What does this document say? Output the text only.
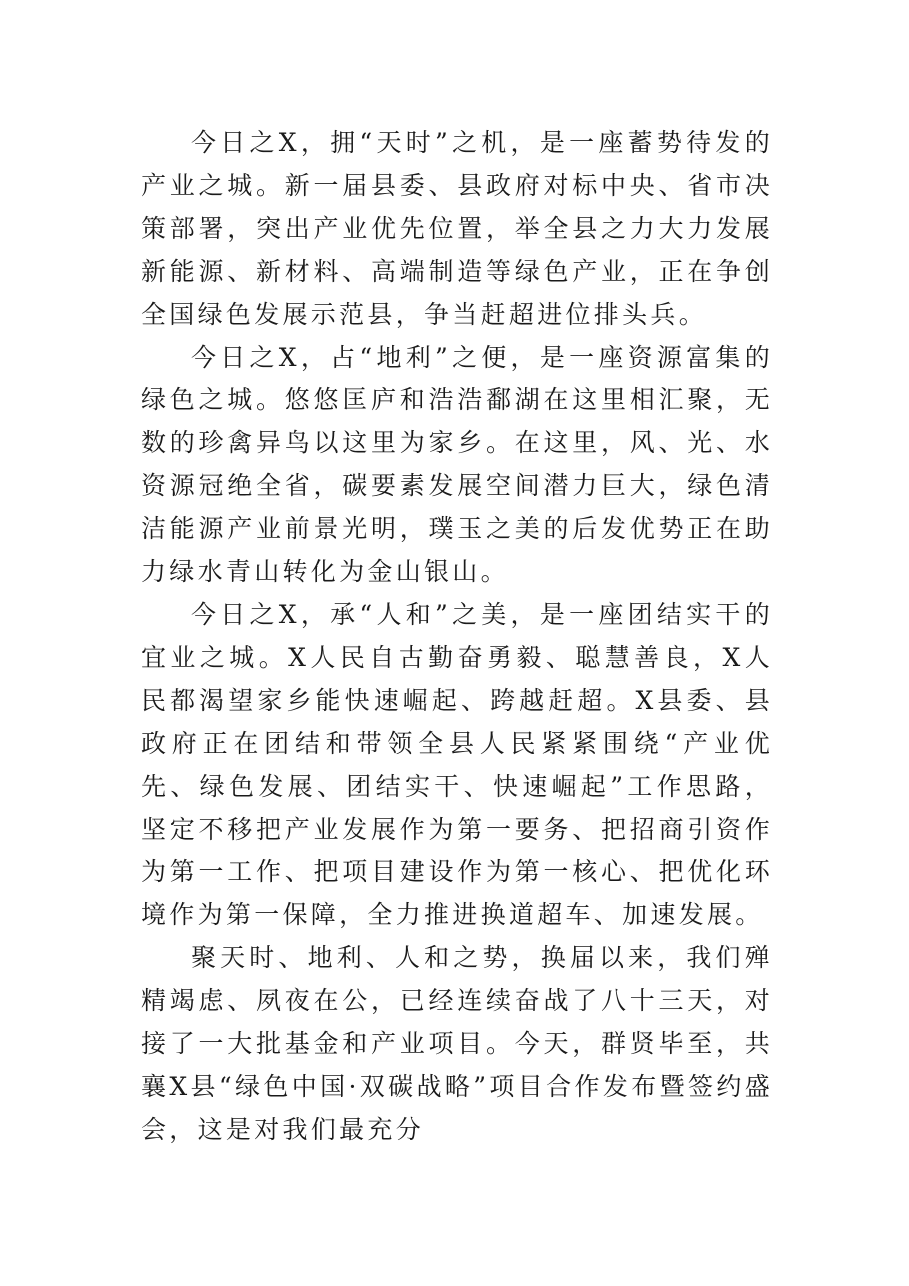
今日之X，拥“天时”之机，是一座蓄势待发的产业之城。新一届县委、县政府对标中央、省市决策部署，突出产业优先位置，举全县之力大力发展新能源、新材料、高端制造等绿色产业，正在争创全国绿色发展示范县，争当赶超进位排头兵。

今日之X，占“地利”之便，是一座资源富集的绿色之城。悠悠匡庐和浩浩鄱湖在这里相汇聚，无数的珍禽异鸟以这里为家乡。在这里，风、光、水资源冠绝全省，碳要素发展空间潜力巨大，绿色清洁能源产业前景光明，璞玉之美的后发优势正在助力绿水青山转化为金山银山。

今日之X，承“人和”之美，是一座团结实干的宜业之城。X人民自古勤奋勇毅、聪慧善良，X人民都渴望家乡能快速崛起、跨越赶超。X县委、县政府正在团结和带领全县人民紧紧围绕“产业优先、绿色发展、团结实干、快速崛起”工作思路，坚定不移把产业发展作为第一要务、把招商引资作为第一工作、把项目建设作为第一核心、把优化环境作为第一保障，全力推进换道超车、加速发展。

聚天时、地利、人和之势，换届以来，我们殚精竭虑、夙夜在公，已经连续奋战了八十三天，对接了一大批基金和产业项目。今天，群贤毕至，共襄X县“绿色中国·双碳战略”项目合作发布暨签约盛会，这是对我们最充分
